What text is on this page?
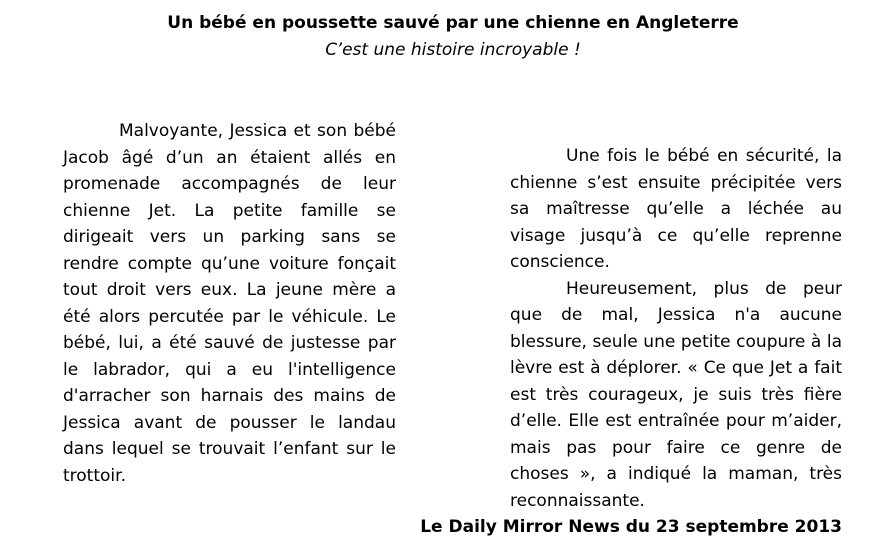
Un bébé en poussette sauvé par une chienne en Angleterre
C’est une histoire incroyable !

Malvoyante, Jessica et son bébé Jacob âgé d’un an étaient allés en promenade accompagnés de leur chienne Jet. La petite famille se dirigeait vers un parking sans se rendre compte qu’une voiture fonçait tout droit vers eux. La jeune mère a été alors percutée par le véhicule. Le bébé, lui, a été sauvé de justesse par le labrador, qui a eu l'intelligence d'arracher son harnais des mains de Jessica avant de pousser le landau dans lequel se trouvait l’enfant sur le trottoir.

Une fois le bébé en sécurité, la chienne s’est ensuite précipitée vers sa maîtresse qu’elle a léchée au visage jusqu’à ce qu’elle reprenne conscience.

Heureusement, plus de peur que de mal, Jessica n'a aucune blessure, seule une petite coupure à la lèvre est à déplorer. « Ce que Jet a fait est très courageux, je suis très fière d’elle. Elle est entraînée pour m’aider, mais pas pour faire ce genre de choses », a indiqué la maman, très reconnaissante.

Le Daily Mirror News du 23 septembre 2013
